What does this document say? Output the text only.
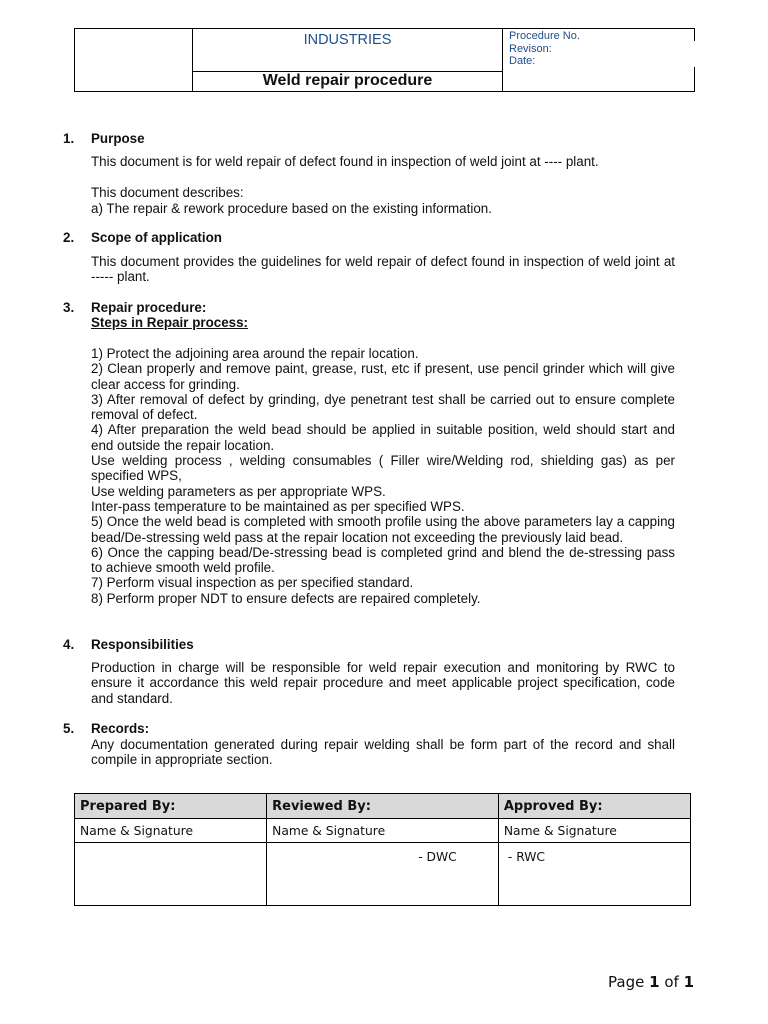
INDUSTRIES
Weld repair procedure
Procedure No.
Revison:
Date:
1. Purpose
This document is for weld repair of defect found in inspection of weld joint at ---- plant.
This document describes:
a) The repair & rework procedure based on the existing information.
2. Scope of application
This document provides the guidelines for weld repair of defect found in inspection of weld joint at ----- plant.
3. Repair procedure:
Steps in Repair process:

1) Protect the adjoining area around the repair location.

2) Clean properly and remove paint, grease, rust, etc if present, use pencil grinder which will give clear access for grinding.

3) After removal of defect by grinding, dye penetrant test shall be carried out to ensure complete removal of defect.

4) After preparation the weld bead should be applied in suitable position, weld should start and end outside the repair location.

Use welding process , welding consumables ( Filler wire/Welding rod, shielding gas) as per specified WPS,

Use welding parameters as per appropriate WPS.

Inter-pass temperature to be maintained as per specified WPS.

5) Once the weld bead is completed with smooth profile using the above parameters lay a capping bead/De-stressing weld pass at the repair location not exceeding the previously laid bead.

6) Once the capping bead/De-stressing bead is completed grind and blend the de-stressing pass to achieve smooth weld profile.

7) Perform visual inspection as per specified standard.

8) Perform proper NDT to ensure defects are repaired completely.

4. Responsibilities
Production in charge will be responsible for weld repair execution and monitoring by RWC to ensure it accordance this weld repair procedure and meet applicable project specification, code and standard.
5. Records:
Any documentation generated during repair welding shall be form part of the record and shall compile in appropriate section.
Prepared By:	Reviewed By:	Approved By:
Name & Signature	Name & Signature	Name & Signature
	- DWC	- RWC
Page 1 of 1
